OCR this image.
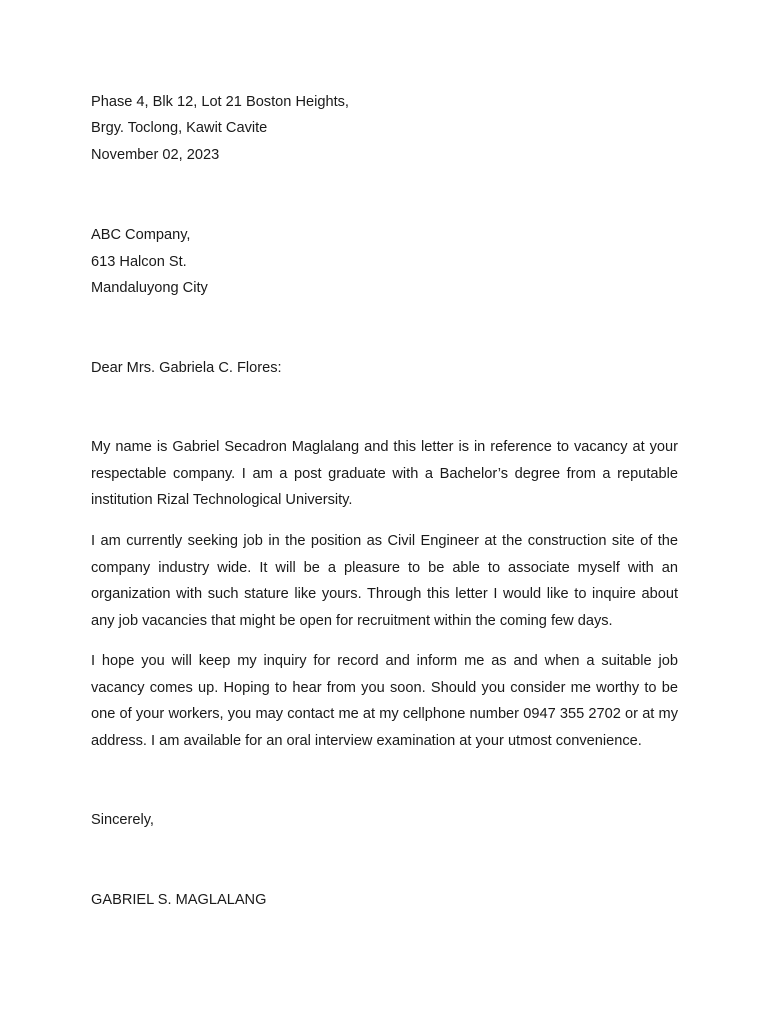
Phase 4, Blk 12, Lot 21 Boston Heights,
Brgy. Toclong, Kawit Cavite
November 02, 2023
ABC Company,
613 Halcon St.
Mandaluyong City
Dear Mrs. Gabriela C. Flores:
My name is Gabriel Secadron Maglalang and this letter is in reference to vacancy at your respectable company. I am a post graduate with a Bachelor’s degree from a reputable institution Rizal Technological University.
I am currently seeking job in the position as Civil Engineer at the construction site of the company industry wide. It will be a pleasure to be able to associate myself with an organization with such stature like yours. Through this letter I would like to inquire about any job vacancies that might be open for recruitment within the coming few days.
I hope you will keep my inquiry for record and inform me as and when a suitable job vacancy comes up. Hoping to hear from you soon. Should you consider me worthy to be one of your workers, you may contact me at my cellphone number 0947 355 2702 or at my address. I am available for an oral interview examination at your utmost convenience.
Sincerely,
GABRIEL S. MAGLALANG
